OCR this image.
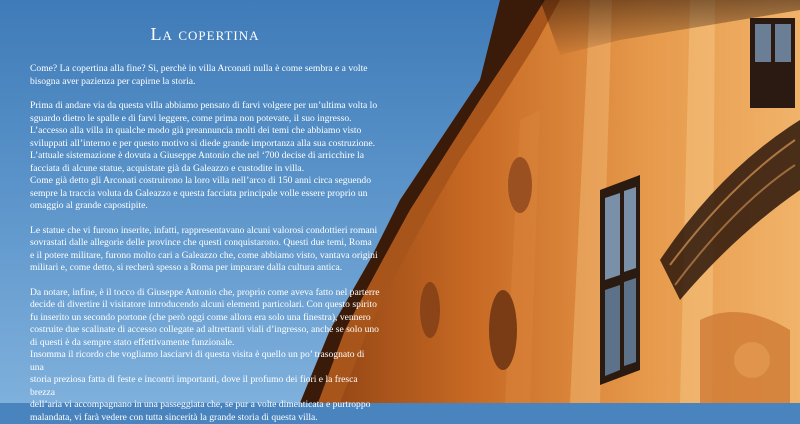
La copertina
Come? La copertina alla fine? Si, perchè in villa Arconati nulla è come sembra e a volte
bisogna aver pazienza per capirne la storia.
Prima di andare via da questa villa abbiamo pensato di farvi volgere per un’ultima volta lo
sguardo dietro le spalle e di farvi leggere, come prima non potevate, il suo ingresso.
L’accesso alla villa in qualche modo già preannuncia molti dei temi che abbiamo visto
sviluppati all’interno e per questo motivo si diede grande importanza alla sua costruzione.
L’attuale sistemazione è dovuta a Giuseppe Antonio che nel ‘700 decise di arricchire la
facciata di alcune statue, acquistate già da Galeazzo e custodite in villa.
Come già detto gli Arconati costruirono la loro villa nell’arco di 150 anni circa seguendo
sempre la traccia voluta da Galeazzo e questa facciata principale volle essere proprio un
omaggio al grande capostipite.
Le statue che vi furono inserite, infatti, rappresentavano alcuni valorosi condottieri romani
sovrastati dalle allegorie delle province che questi conquistarono. Questi due temi, Roma
e il potere militare, furono molto cari a Galeazzo che, come abbiamo visto, vantava origini
militari e, come detto, si recherà spesso a Roma per imparare dalla cultura antica.
Da notare, infine, è il tocco di Giuseppe Antonio che, proprio come aveva fatto nel parterre
decide di divertire il visitatore introducendo alcuni elementi particolari. Con questo spirito
fu inserito un secondo portone (che però oggi come allora era solo una finestra), vennero
costruite due scalinate di accesso collegate ad altrettanti viali d’ingresso, anche se solo uno
di questi è da sempre stato effettivamente funzionale.
Insomma il ricordo che vogliamo lasciarvi di questa visita è quello un po’ trasognato di una
storia preziosa fatta di feste e incontri importanti, dove il profumo dei fiori e la fresca brezza
dell’aria vi accompagnano in una passeggiata che, se pur a volte dimenticata e purtroppo
malandata, vi farà vedere con tutta sincerità la grande storia di questa villa.
